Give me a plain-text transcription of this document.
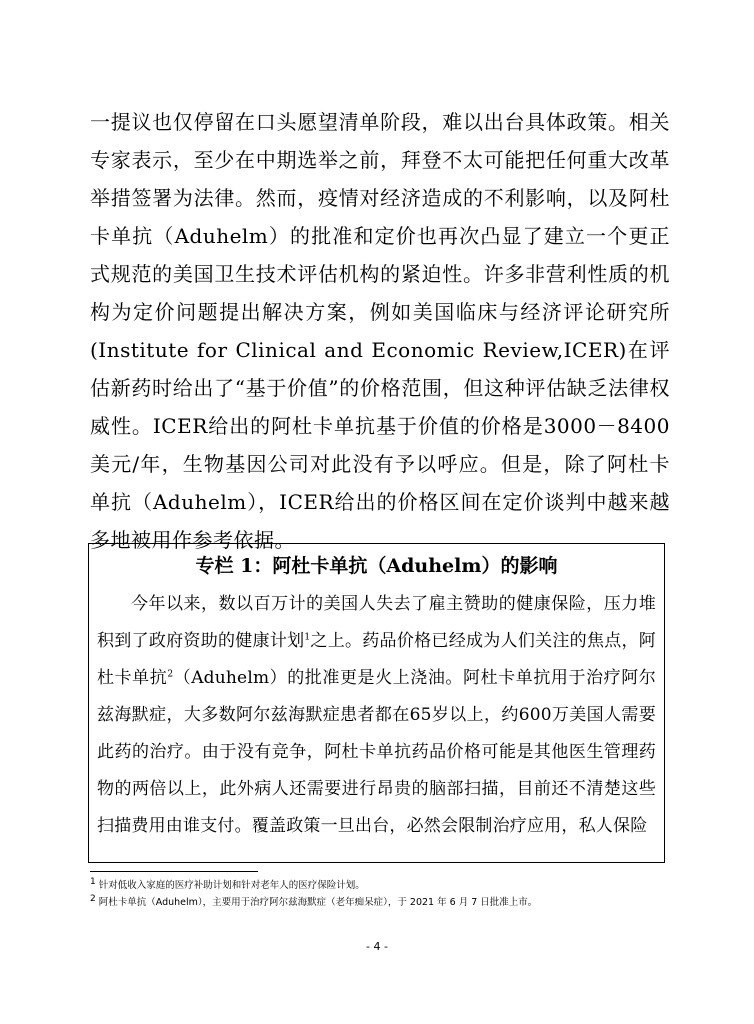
一提议也仅停留在口头愿望清单阶段，难以出台具体政策。相关专家表示，至少在中期选举之前，拜登不太可能把任何重大改革举措签署为法律。然而，疫情对经济造成的不利影响，以及阿杜卡单抗（Aduhelm）的批准和定价也再次凸显了建立一个更正式规范的美国卫生技术评估机构的紧迫性。许多非营利性质的机构为定价问题提出解决方案，例如美国临床与经济评论研究所(Institute for Clinical and Economic Review,ICER)在评估新药时给出了“基于价值”的价格范围，但这种评估缺乏法律权威性。ICER给出的阿杜卡单抗基于价值的价格是3000－8400美元/年，生物基因公司对此没有予以呼应。但是，除了阿杜卡单抗（Aduhelm），ICER给出的价格区间在定价谈判中越来越多地被用作参考依据。

专栏 1：阿杜卡单抗（Aduhelm）的影响

今年以来，数以百万计的美国人失去了雇主赞助的健康保险，压力堆积到了政府资助的健康计划$^1$之上。药品价格已经成为人们关注的焦点，阿杜卡单抗$^2$（Aduhelm）的批准更是火上浇油。阿杜卡单抗用于治疗阿尔兹海默症，大多数阿尔兹海默症患者都在65岁以上，约600万美国人需要此药的治疗。由于没有竞争，阿杜卡单抗药品价格可能是其他医生管理药物的两倍以上，此外病人还需要进行昂贵的脑部扫描，目前还不清楚这些扫描费用由谁支付。覆盖政策一旦出台，必然会限制治疗应用，私人保险

$^1$ 针对低收入家庭的医疗补助计划和针对老年人的医疗保险计划。

$^2$ 阿杜卡单抗（Aduhelm），主要用于治疗阿尔兹海默症（老年痴呆症），于 2021 年 6 月 7 日批准上市。

- 4 -
